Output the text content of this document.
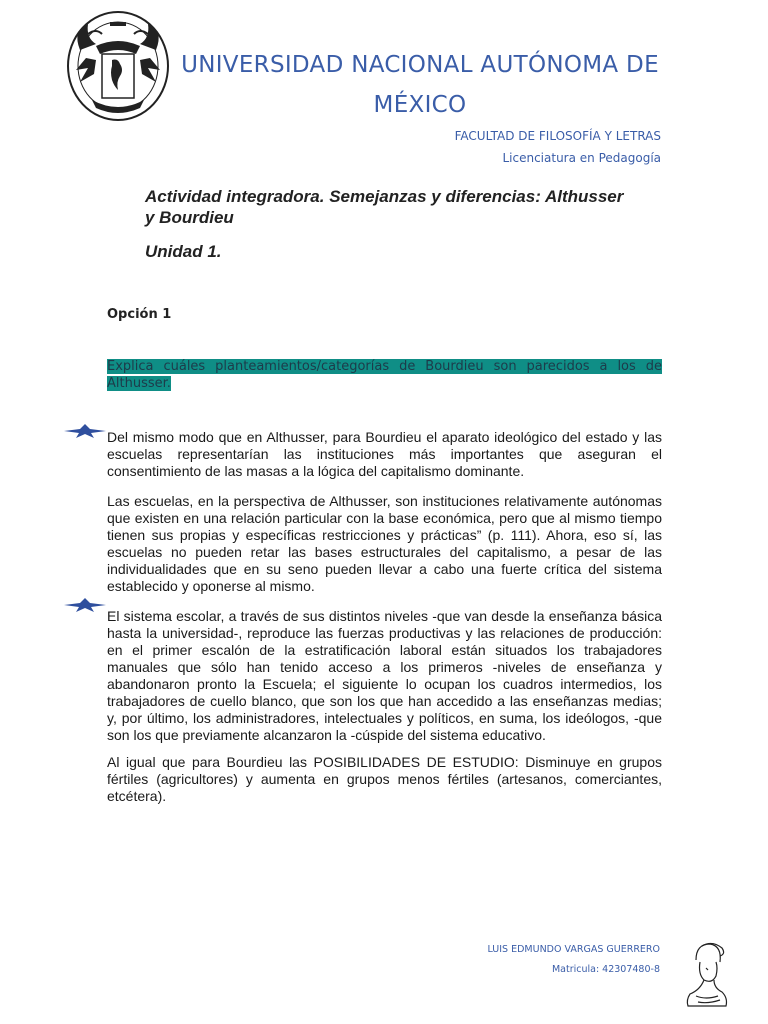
UNIVERSIDAD NACIONAL AUTÓNOMA DE
MÉXICO
FACULTAD DE FILOSOFÍA Y LETRAS
Licenciatura en Pedagogía
Actividad integradora. Semejanzas y diferencias: Althusser y Bourdieu
Unidad 1.
Opción 1
Explica cuáles planteamientos/categorías de Bourdieu son parecidos a los de Althusser.

Del mismo modo que en Althusser, para Bourdieu el aparato ideológico del estado y las escuelas representarían las instituciones más importantes que aseguran el consentimiento de las masas a la lógica del capitalismo dominante.

Las escuelas, en la perspectiva de Althusser, son instituciones relativamente autónomas que existen en una relación particular con la base económica, pero que al mismo tiempo tienen sus propias y específicas restricciones y prácticas” (p. 111). Ahora, eso sí, las escuelas no pueden retar las bases estructurales del capitalismo, a pesar de las individualidades que en su seno pueden llevar a cabo una fuerte crítica del sistema establecido y oponerse al mismo.

El sistema escolar, a través de sus distintos niveles -que van desde la enseñanza básica hasta la universidad-, reproduce las fuerzas productivas y las relaciones de producción: en el primer escalón de la estratificación laboral están situados los trabajadores manuales que sólo han tenido acceso a los primeros -niveles de enseñanza y abandonaron pronto la Escuela; el siguiente lo ocupan los cuadros intermedios, los trabajadores de cuello blanco, que son los que han accedido a las enseñanzas medias; y, por último, los administradores, intelectuales y políticos, en suma, los ideólogos, -que son los que previamente alcanzaron la -cúspide del sistema educativo.

Al igual que para Bourdieu las POSIBILIDADES DE ESTUDIO: Disminuye en grupos fértiles (agricultores) y aumenta en grupos menos fértiles (artesanos, comerciantes, etcétera).

LUIS EDMUNDO VARGAS GUERRERO
Matricula: 42307480-8
